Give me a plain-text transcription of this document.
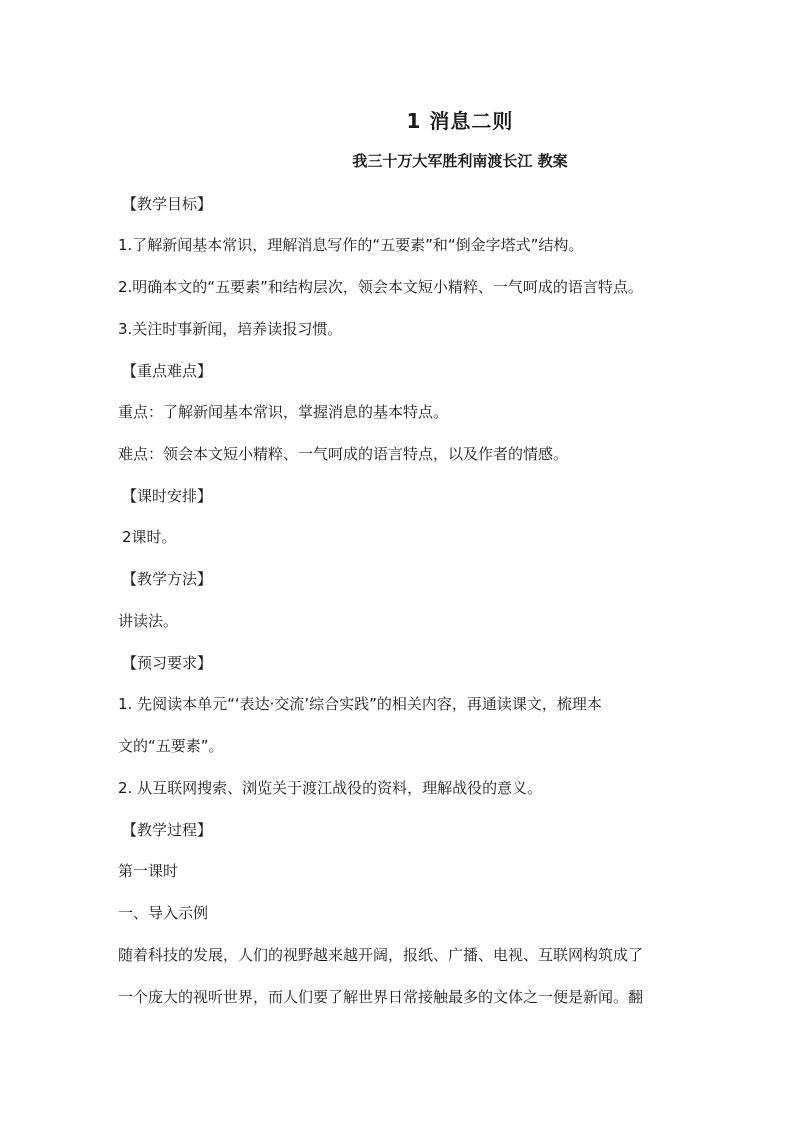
1 消息二则
我三十万大军胜利南渡长江 教案
【教学目标】
1.了解新闻基本常识，理解消息写作的“五要素”和“倒金字塔式”结构。
2.明确本文的“五要素”和结构层次，领会本文短小精粹、一气呵成的语言特点。
3.关注时事新闻，培养读报习惯。
【重点难点】
重点：了解新闻基本常识，掌握消息的基本特点。
难点：领会本文短小精粹、一气呵成的语言特点，以及作者的情感。
【课时安排】
2课时。
【教学方法】
讲读法。
【预习要求】
1. 先阅读本单元“‘表达·交流’综合实践”的相关内容，再通读课文，梳理本
文的“五要素”。
2. 从互联网搜索、浏览关于渡江战役的资料，理解战役的意义。
【教学过程】
第一课时
一、导入示例
随着科技的发展，人们的视野越来越开阔，报纸、广播、电视、互联网构筑成了
一个庞大的视听世界，而人们要了解世界日常接触最多的文体之一便是新闻。翻
